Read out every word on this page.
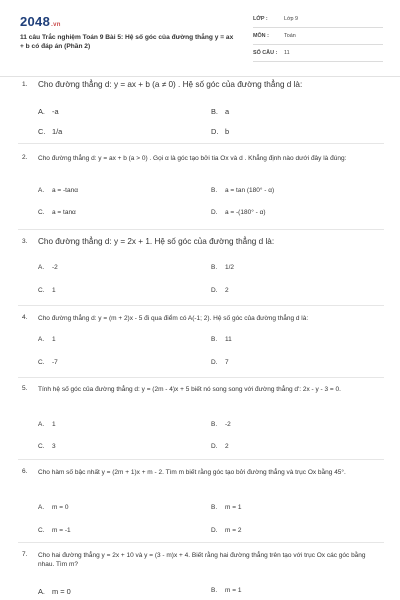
2048.vn
11 câu Trắc nghiệm Toán 9 Bài 5: Hệ số góc của đường thẳng y = ax + b có đáp án (Phần 2)
LỚP :	Lớp 9
MÔN :	Toán
SỐ CÂU : 11
1. Cho đường thẳng d: y = ax + b (a ≠ 0) . Hệ số góc của đường thẳng d là:
A. -a	B. a
C. 1/a	D. b
2. Cho đường thẳng d: y = ax + b (a > 0) . Gọi α là góc tạo bởi tia Ox và d . Khẳng định nào dưới đây là đúng:
A. a = -tanα	B. a = tan (180° - α)
C. a = tanα	D. a = -(180° - α)
3. Cho đường thẳng d: y = 2x + 1. Hệ số góc của đường thẳng d là:
A. -2	B. 1/2
C. 1	D. 2
4. Cho đường thẳng d: y = (m + 2)x - 5 đi qua điểm có A(-1; 2). Hệ số góc của đường thẳng d là:
A. 1	B. 11
C. -7	D. 7
5. Tính hệ số góc của đường thẳng d: y = (2m - 4)x + 5 biết nó song song với đường thẳng d': 2x - y - 3 = 0.
A. 1	B. -2
C. 3	D. 2
6. Cho hàm số bậc nhất y = (2m + 1)x + m - 2. Tìm m biết rằng góc tạo bởi đường thẳng và trục Ox bằng 45°.
A. m = 0	B. m = 1
C. m = -1	D. m = 2
7. Cho hai đường thẳng y = 2x + 10 và y = (3 - m)x + 4. Biết rằng hai đường thẳng trên tạo với trục Ox các góc bằng nhau. Tìm m?
A. m = 0	B. m = 1
